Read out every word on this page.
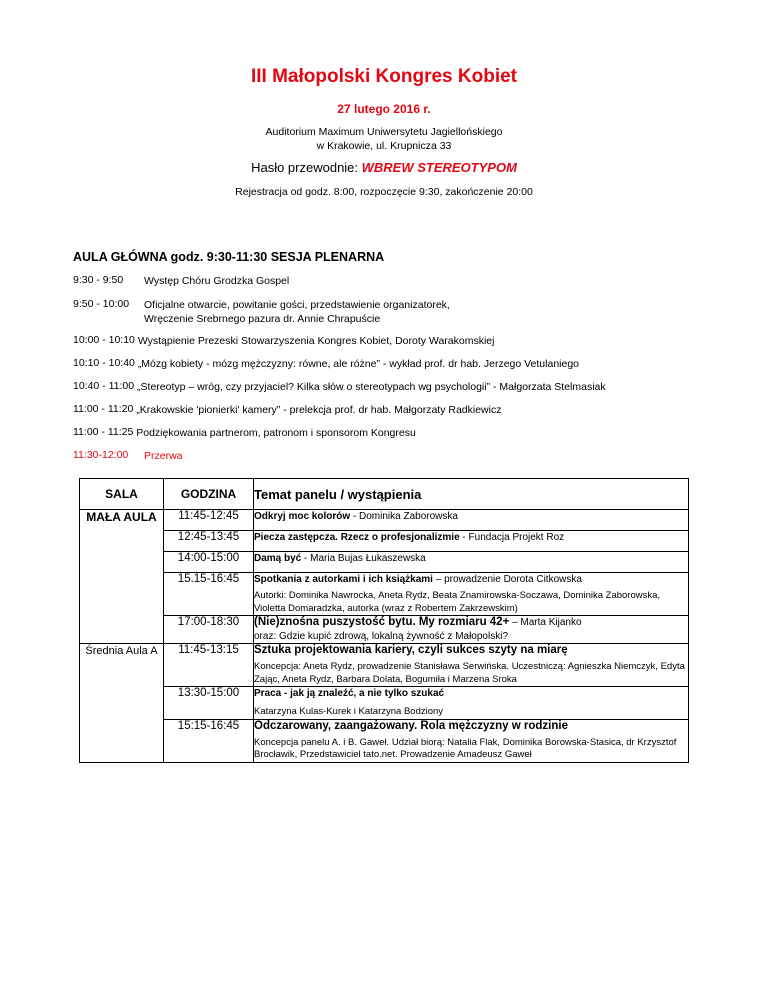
III Małopolski Kongres Kobiet
27 lutego 2016 r.
Auditorium Maximum Uniwersytetu Jagiellońskiego
w Krakowie, ul. Krupnicza 33
Hasło przewodnie: WBREW STEREOTYPOM
Rejestracja od godz. 8:00, rozpoczęcie 9:30, zakończenie 20:00
AULA GŁÓWNA godz. 9:30-11:30 SESJA PLENARNA
9:30 - 9:50 Występ Chóru Grodzka Gospel
9:50 - 10:00 Oficjalne otwarcie, powitanie gości, przedstawienie organizatorek,
Wręczenie Srebrnego pazura dr. Annie Chrapuście
10:00 - 10:10 Wystąpienie Prezeski Stowarzyszenia Kongres Kobiet, Doroty Warakomskiej
10:10 - 10:40 „Mózg kobiety - mózg mężczyzny: równe, ale różne” - wykład prof. dr hab. Jerzego Vetulaniego
10:40 - 11:00 „Stereotyp – wróg, czy przyjaciel? Kilka słów o stereotypach wg psychologii” - Małgorzata Stelmasiak
11:00 - 11:20 „Krakowskie 'pionierki' kamery” - prelekcja prof. dr hab. Małgorzaty Radkiewicz
11:00 - 11:25 Podziękowania partnerom, patronom i sponsorom Kongresu
11:30-12:00 Przerwa
SALA	GODZINA	Temat panelu / wystąpienia
MAŁA AULA	11:45-12:45	Odkryj moc kolorów - Dominika Zaborowska
	12:45-13:45	Piecza zastępcza. Rzecz o profesjonalizmie - Fundacja Projekt Roz
	14:00-15:00	Damą być - Maria Bujas Łukaszewska
	15.15-16:45	Spotkania z autorkami i ich książkami – prowadzenie Dorota Citkowska
Autorki: Dominika Nawrocka, Aneta Rydz, Beata Znamirowska-Soczawa, Dominika Zaborowska, Violetta Domaradzka, autorka (wraz z Robertem Zakrzewskim)

	17:00-18:30	(Nie)znośna puszystość bytu. My rozmiaru 42+ – Marta Kijanko
oraz: Gdzie kupić zdrową, lokalną żywność z Małopolski?

Średnia Aula A	11:45-13:15	Sztuka projektowania kariery, czyli sukces szyty na miarę
Koncepcja: Aneta Rydz, prowadzenie Stanisława Serwińska. Uczestniczą: Agnieszka Niemczyk, Edyta Zając, Aneta Rydz, Barbara Dolata, Bogumiła i Marzena Sroka

	13:30-15:00	Praca - jak ją znaleźć, a nie tylko szukać
Katarzyna Kulas-Kurek i Katarzyna Bodziony

	15:15-16:45	Odczarowany, zaangażowany. Rola mężczyzny w rodzinie
Koncepcja panelu A. i B. Gaweł. Udział biorą: Natalia Flak, Dominika Borowska-Stasica, dr Krzysztof Brocławik, Przedstawiciel tato.net. Prowadzenie Amadeusz Gaweł
